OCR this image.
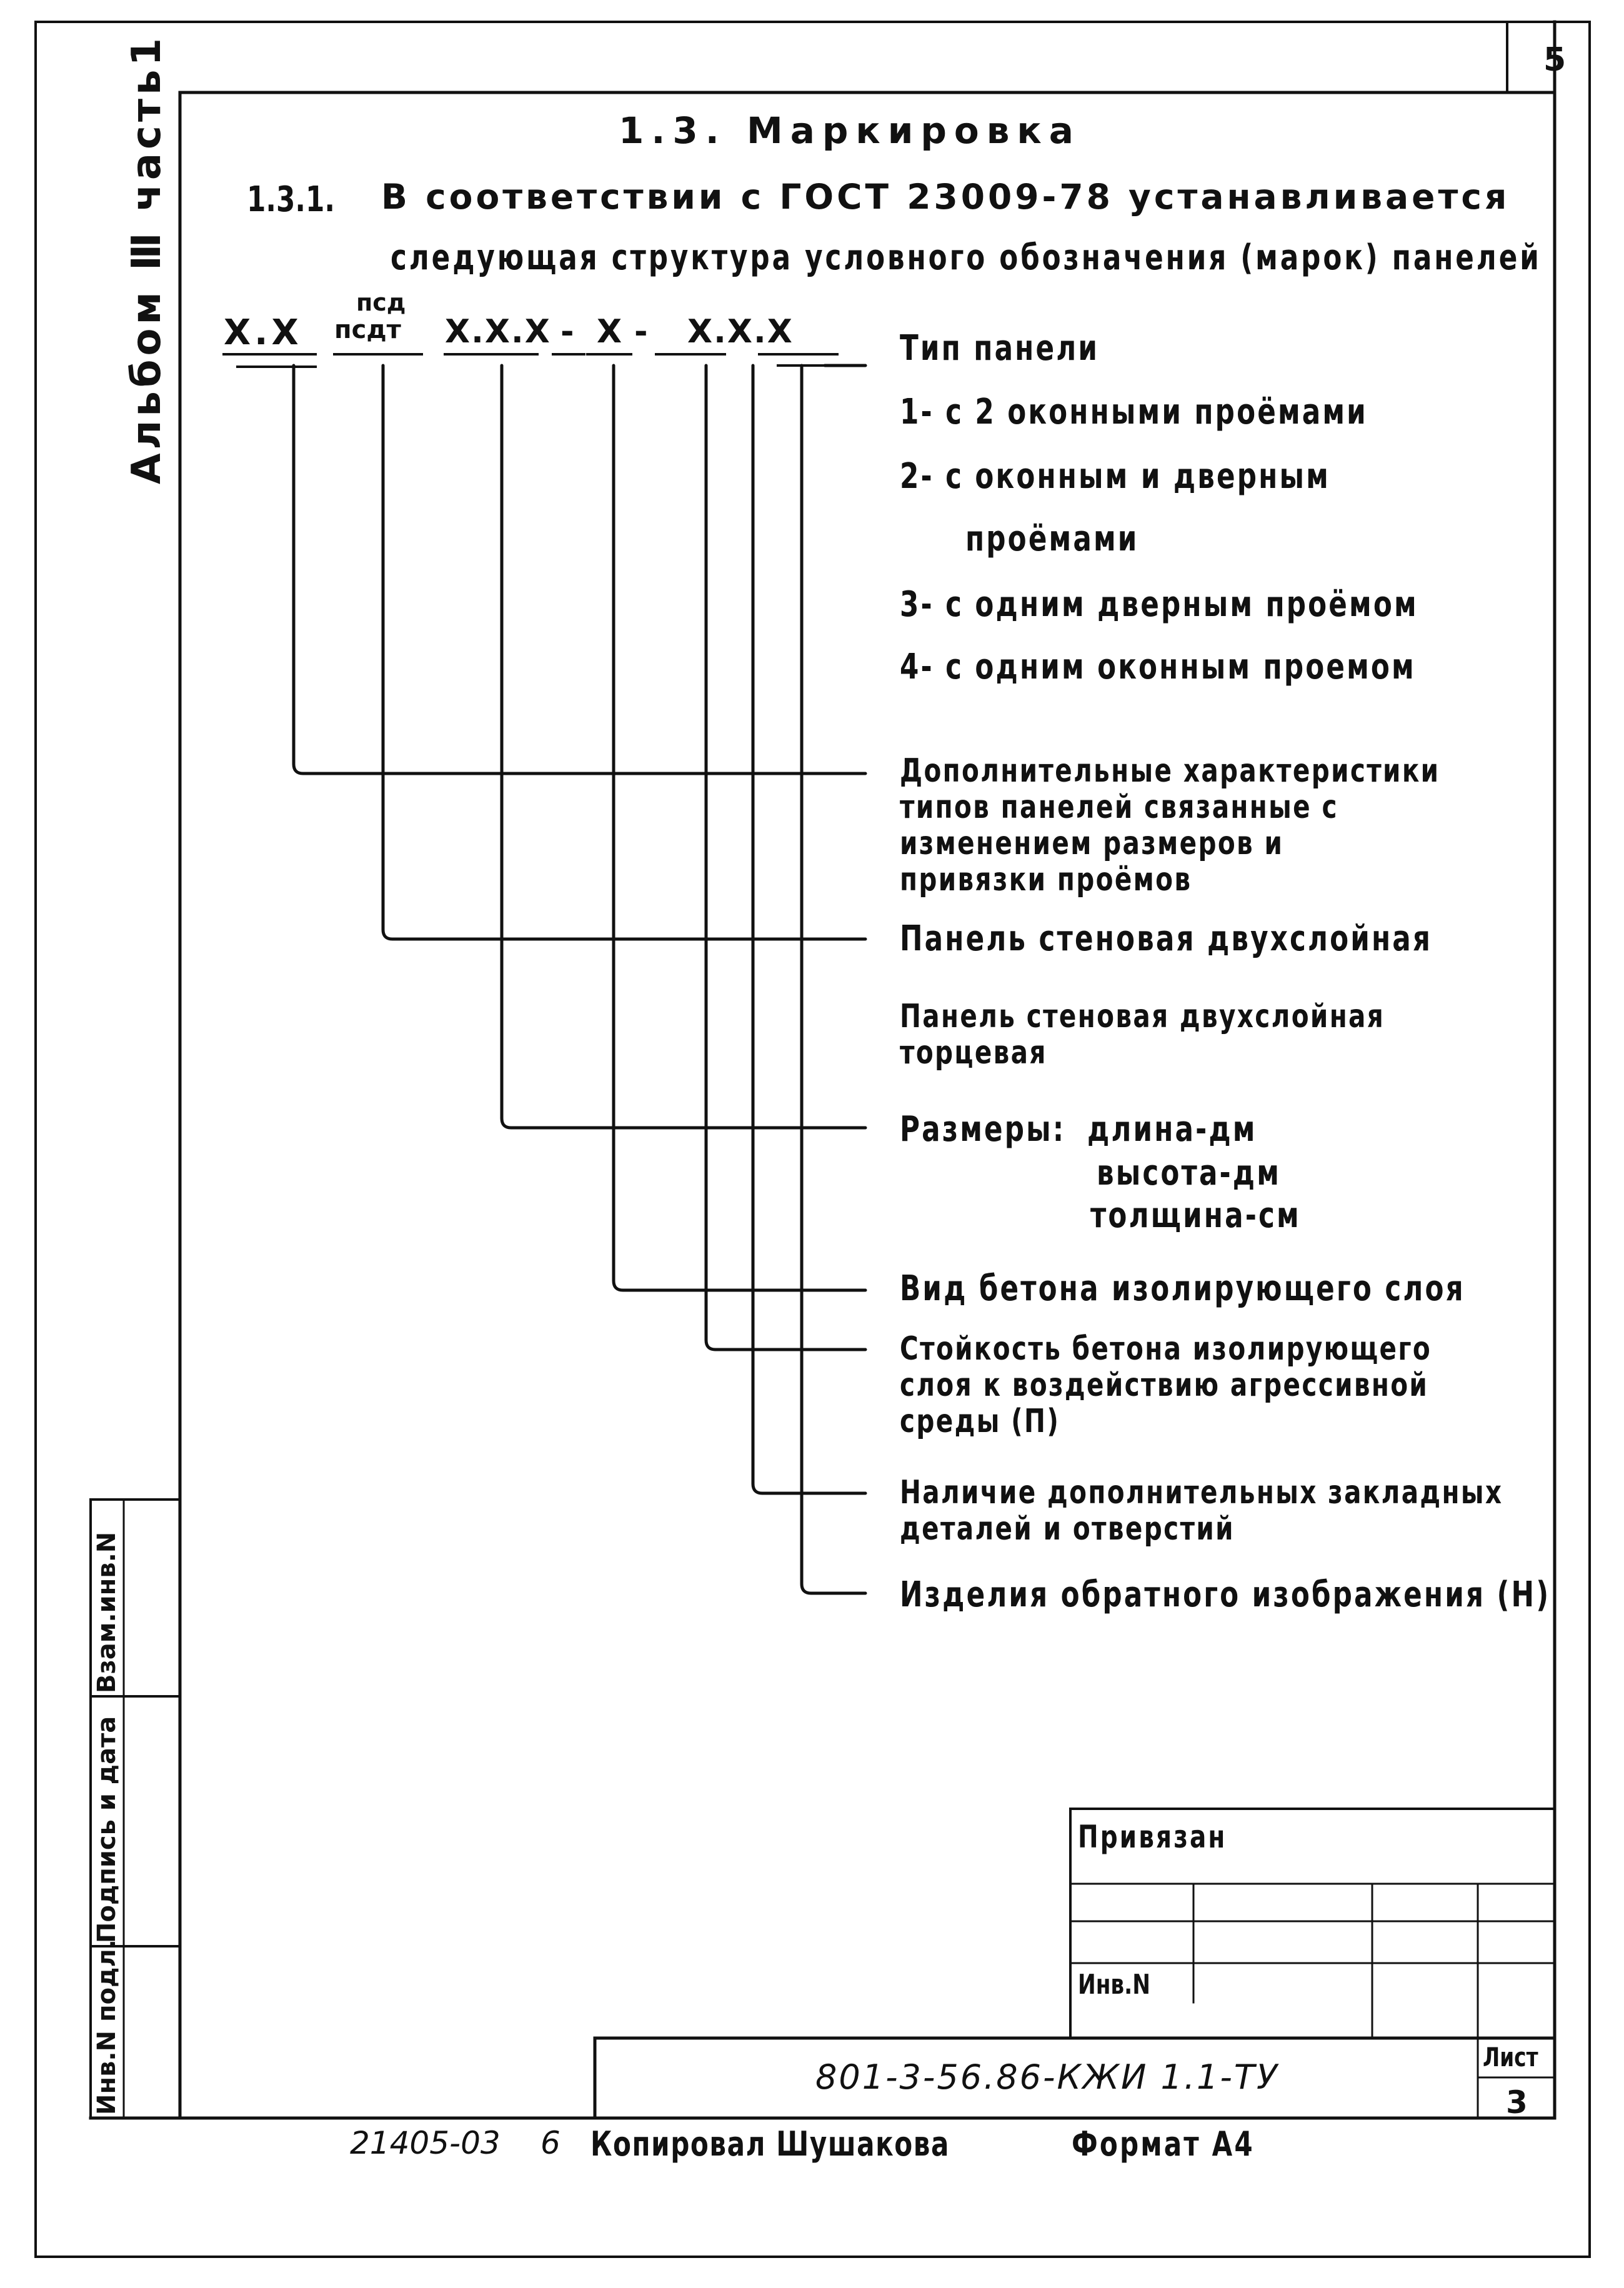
5
Альбом Ⅲ часть1	1.3. Маркировка
1.3.1. В соответствии с ГОСТ 23009-78 устанавливается
следующая структура условного обозначения (марок) панелей
Х.Х
псд
псдт Х.Х.Х - Х - Х.Х.Х	Тип панели
1- с 2 оконными проёмами
2- с оконным и дверным
проёмами
3- с одним дверным проёмом
4- с одним оконным проемом
Дополнительные характеристики
типов панелей связанные с
изменением размеров и
привязки проёмов
Панель стеновая двухслойная
Панель стеновая двухслойная
торцевая
Размеры: длина-дм
высота-дм
толщина-см
Вид бетона изолирующего слоя
Стойкость бетона изолирующего
слоя к воздействию агрессивной
среды (П)
Наличие дополнительных закладных
деталей и отверстий
Изделия обратного изображения (Н)
Инв.N подл.
Подпись и дата
Взам.инв.N
Привязан
Инв.N
801-3-56.86-КЖИ 1.1-ТУ
Лист
3
21405-03 6 Копировал Шушакова	Формат А4
